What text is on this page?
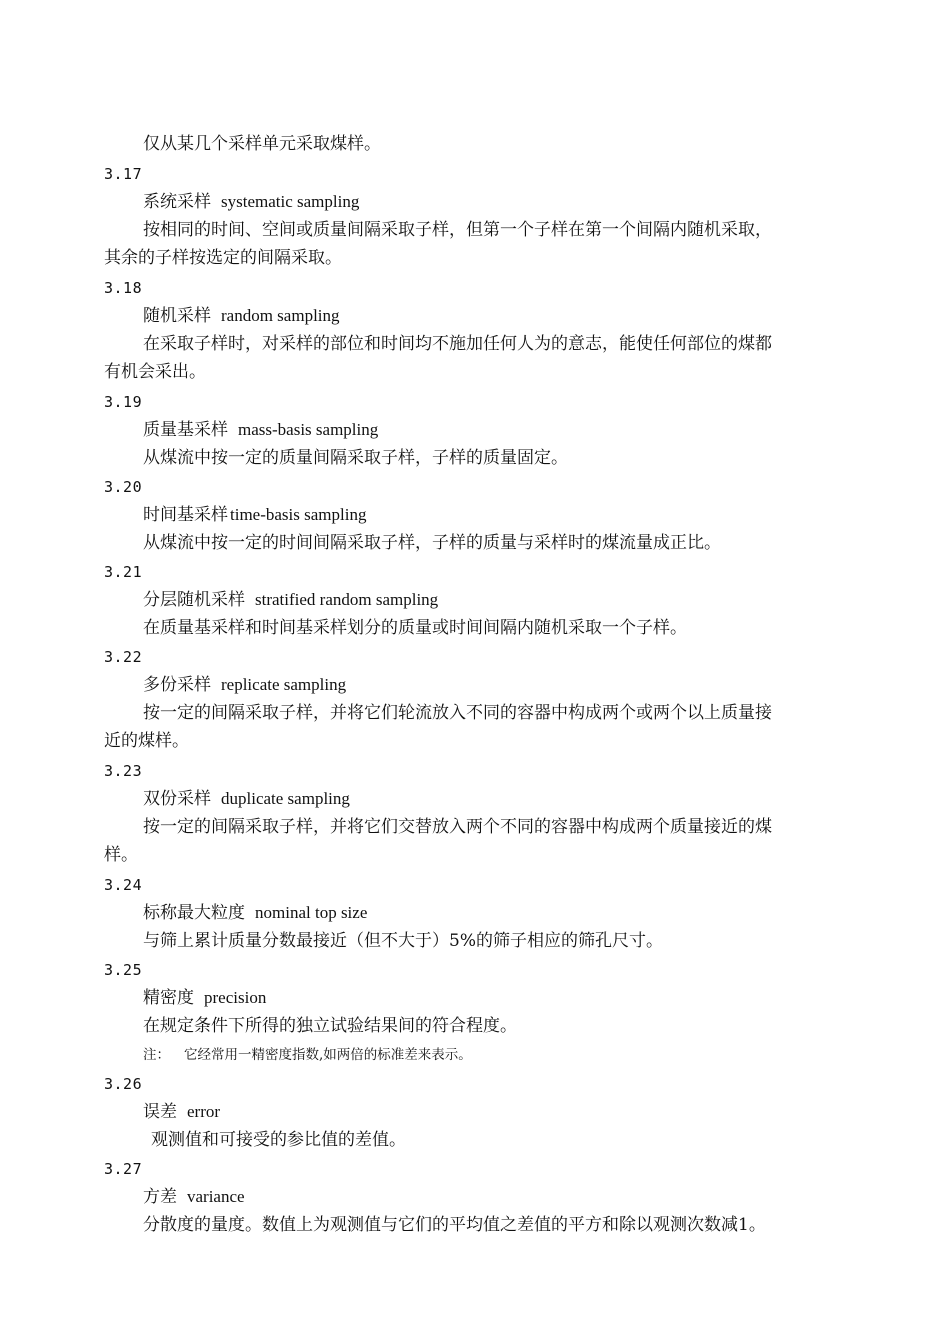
仅从某几个采样单元采取煤样。
3.17
系统采样 systematic sampling
按相同的时间、空间或质量间隔采取子样，但第一个子样在第一个间隔内随机采取，
其余的子样按选定的间隔采取。
3.18
随机采样 random sampling
在采取子样时，对采样的部位和时间均不施加任何人为的意志，能使任何部位的煤都
有机会采出。
3.19
质量基采样 mass-basis sampling
从煤流中按一定的质量间隔采取子样，子样的质量固定。
3.20
时间基采样 time-basis sampling
从煤流中按一定的时间间隔采取子样，子样的质量与采样时的煤流量成正比。
3.21
分层随机采样 stratified random sampling
在质量基采样和时间基采样划分的质量或时间间隔内随机采取一个子样。
3.22
多份采样 replicate sampling
按一定的间隔采取子样，并将它们轮流放入不同的容器中构成两个或两个以上质量接
近的煤样。
3.23
双份采样 duplicate sampling
按一定的间隔采取子样，并将它们交替放入两个不同的容器中构成两个质量接近的煤
样。
3.24
标称最大粒度 nominal top size
与筛上累计质量分数最接近（但不大于）5%的筛子相应的筛孔尺寸。
3.25
精密度 precision
在规定条件下所得的独立试验结果间的符合程度。
注： 它经常用一精密度指数,如两倍的标准差来表示。
3.26
误差 error
观测值和可接受的参比值的差值。
3.27
方差 variance
分散度的量度。数值上为观测值与它们的平均值之差值的平方和除以观测次数减1。
